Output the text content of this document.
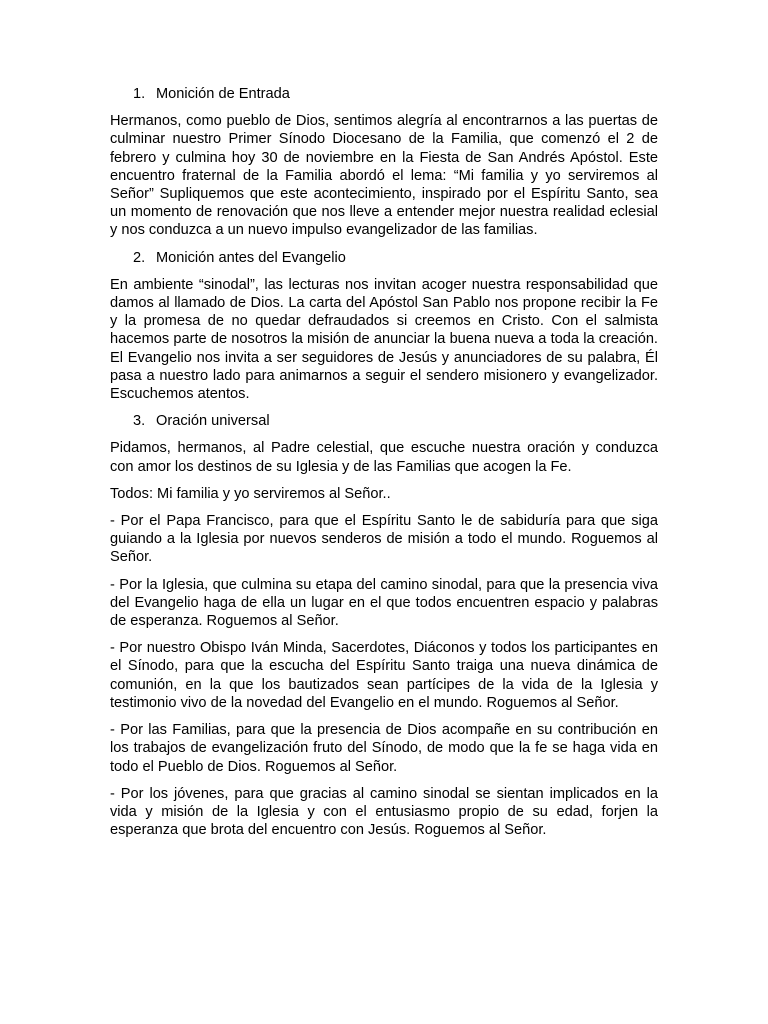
1. Monición de Entrada

Hermanos, como pueblo de Dios, sentimos alegría al encontrarnos a las puertas de culminar nuestro Primer Sínodo Diocesano de la Familia, que comenzó el 2 de febrero y culmina hoy 30 de noviembre en la Fiesta de San Andrés Apóstol. Este encuentro fraternal de la Familia abordó el lema: “Mi familia y yo serviremos al Señor” Supliquemos que este acontecimiento, inspirado por el Espíritu Santo, sea un momento de renovación que nos lleve a entender mejor nuestra realidad eclesial y nos conduzca a un nuevo impulso evangelizador de las familias.

2. Monición antes del Evangelio

En ambiente “sinodal”, las lecturas nos invitan acoger nuestra responsabilidad que damos al llamado de Dios. La carta del Apóstol San Pablo nos propone recibir la Fe y la promesa de no quedar defraudados si creemos en Cristo. Con el salmista hacemos parte de nosotros la misión de anunciar la buena nueva a toda la creación. El Evangelio nos invita a ser seguidores de Jesús y anunciadores de su palabra, Él pasa a nuestro lado para animarnos a seguir el sendero misionero y evangelizador. Escuchemos atentos.

3. Oración universal

Pidamos, hermanos, al Padre celestial, que escuche nuestra oración y conduzca con amor los destinos de su Iglesia y de las Familias que acogen la Fe.

Todos: Mi familia y yo serviremos al Señor..

- Por el Papa Francisco, para que el Espíritu Santo le de sabiduría para que siga guiando a la Iglesia por nuevos senderos de misión a todo el mundo. Roguemos al Señor.

- Por la Iglesia, que culmina su etapa del camino sinodal, para que la presencia viva del Evangelio haga de ella un lugar en el que todos encuentren espacio y palabras de esperanza. Roguemos al Señor.

- Por nuestro Obispo Iván Minda, Sacerdotes, Diáconos y todos los participantes en el Sínodo, para que la escucha del Espíritu Santo traiga una nueva dinámica de comunión, en la que los bautizados sean partícipes de la vida de la Iglesia y testimonio vivo de la novedad del Evangelio en el mundo. Roguemos al Señor.

- Por las Familias, para que la presencia de Dios acompañe en su contribución en los trabajos de evangelización fruto del Sínodo, de modo que la fe se haga vida en todo el Pueblo de Dios. Roguemos al Señor.

- Por los jóvenes, para que gracias al camino sinodal se sientan implicados en la vida y misión de la Iglesia y con el entusiasmo propio de su edad, forjen la esperanza que brota del encuentro con Jesús. Roguemos al Señor.
